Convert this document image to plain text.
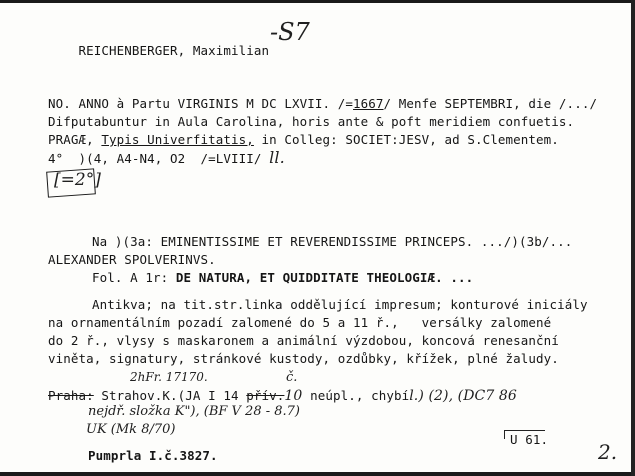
REICHENBERGER, Maximilian

-S7
NO. ANNO à Partu VIRGINIS M DC LXVII. /=1667/ Menfe SEPTEMBRI, die /.../
Difputabuntur in Aula Carolina, horis ante & poft meridiem confuetis.
PRAGÆ, Typis Univerfitatis, in Colleg: SOCIET:JESV, ad S.Clementem.
4°  )(4, A4-N4, O2  /=LVIII/ ll.
[=2°]
Na )(3a: EMINENTISSIME ET REVERENDISSIME PRINCEPS. .../)(3b/...
ALEXANDER SPOLVERINVS.
Fol. A 1r: DE NATURA, ET QUIDDITATE THEOLOGIÆ. ...
Antikva; na tit.str.linka oddělující impresum; konturové iniciály
na ornamentálním pozadí zalomené do 5 a 11 ř.,   versálky zalomené
do 2 ř., vlysy s maskaronem a animální výzdobou, koncová renesanční
viněta, signatury, stránkové kustody, ozdůbky, křížek, plné žaludy.
2hFr. 17170.	č.
Praha: Strahov.K.(JA I 14 přív.10 neúpl., chybíl.) (2), (DC7 86
nejdř. složka K"), (BF V 28 - 8.7)
UK (Mk 8/70)
U 61.
Pumprla I.č.3827.	2.
